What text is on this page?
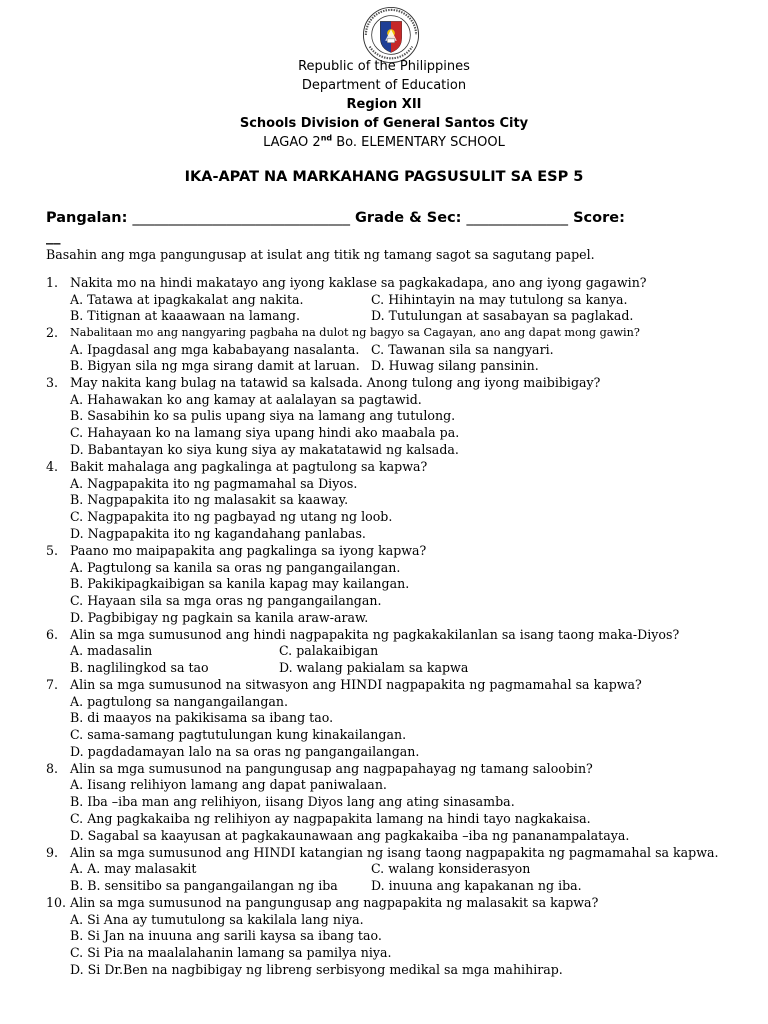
Republic of the Philippines
Department of Education
Region XII
Schools Division of General Santos City
LAGAO 2nd Bo. ELEMENTARY SCHOOL
IKA-APAT NA MARKAHANG PAGSUSULIT SA ESP 5
Pangalan: ______________________________ Grade & Sec: ______________ Score:
__
Basahin ang mga pangungusap at isulat ang titik ng tamang sagot sa sagutang papel.
1. Nakita mo na hindi makatayo ang iyong kaklase sa pagkakadapa, ano ang iyong gagawin?
A. Tatawa at ipagkakalat ang nakita.	C. Hihintayin na may tutulong sa kanya.
B. Titignan at kaaawaan na lamang.	D. Tutulungan at sasabayan sa paglakad.
2. Nabalitaan mo ang nangyaring pagbaha na dulot ng bagyo sa Cagayan, ano ang dapat mong gawin?
A. Ipagdasal ang mga kababayang nasalanta. C. Tawanan sila sa nangyari.
B. Bigyan sila ng mga sirang damit at laruan. D. Huwag silang pansinin.
3. May nakita kang bulag na tatawid sa kalsada. Anong tulong ang iyong maibibigay?
A. Hahawakan ko ang kamay at aalalayan sa pagtawid.
B. Sasabihin ko sa pulis upang siya na lamang ang tutulong.
C. Hahayaan ko na lamang siya upang hindi ako maabala pa.
D. Babantayan ko siya kung siya ay makatatawid ng kalsada.
4. Bakit mahalaga ang pagkalinga at pagtulong sa kapwa?
A. Nagpapakita ito ng pagmamahal sa Diyos.
B. Nagpapakita ito ng malasakit sa kaaway.
C. Nagpapakita ito ng pagbayad ng utang ng loob.
D. Nagpapakita ito ng kagandahang panlabas.
5. Paano mo maipapakita ang pagkalinga sa iyong kapwa?
A. Pagtulong sa kanila sa oras ng pangangailangan.
B. Pakikipagkaibigan sa kanila kapag may kailangan.
C. Hayaan sila sa mga oras ng pangangailangan.
D. Pagbibigay ng pagkain sa kanila araw-araw.
6. Alin sa mga sumusunod ang hindi nagpapakita ng pagkakakilanlan sa isang taong maka-Diyos?
A. madasalin	C. palakaibigan
B. naglilingkod sa tao	D. walang pakialam sa kapwa
7. Alin sa mga sumusunod na sitwasyon ang HINDI nagpapakita ng pagmamahal sa kapwa?
A. pagtulong sa nangangailangan.
B. di maayos na pakikisama sa ibang tao.
C. sama-samang pagtutulungan kung kinakailangan.
D. pagdadamayan lalo na sa oras ng pangangailangan.
8. Alin sa mga sumusunod na pangungusap ang nagpapahayag ng tamang saloobin?
A. Iisang relihiyon lamang ang dapat paniwalaan.
B. Iba –iba man ang relihiyon, iisang Diyos lang ang ating sinasamba.
C. Ang pagkakaiba ng relihiyon ay nagpapakita lamang na hindi tayo nagkakaisa.
D. Sagabal sa kaayusan at pagkakaunawaan ang pagkakaiba –iba ng pananampalataya.
9. Alin sa mga sumusunod ang HINDI katangian ng isang taong nagpapakita ng pagmamahal sa kapwa.
A. A. may malasakit	C. walang konsiderasyon
B. B. sensitibo sa pangangailangan ng iba	D. inuuna ang kapakanan ng iba.
10. Alin sa mga sumusunod na pangungusap ang nagpapakita ng malasakit sa kapwa?
A. Si Ana ay tumutulong sa kakilala lang niya.
B. Si Jan na inuuna ang sarili kaysa sa ibang tao.
C. Si Pia na maalalahanin lamang sa pamilya niya.
D. Si Dr.Ben na nagbibigay ng libreng serbisyong medikal sa mga mahihirap.
